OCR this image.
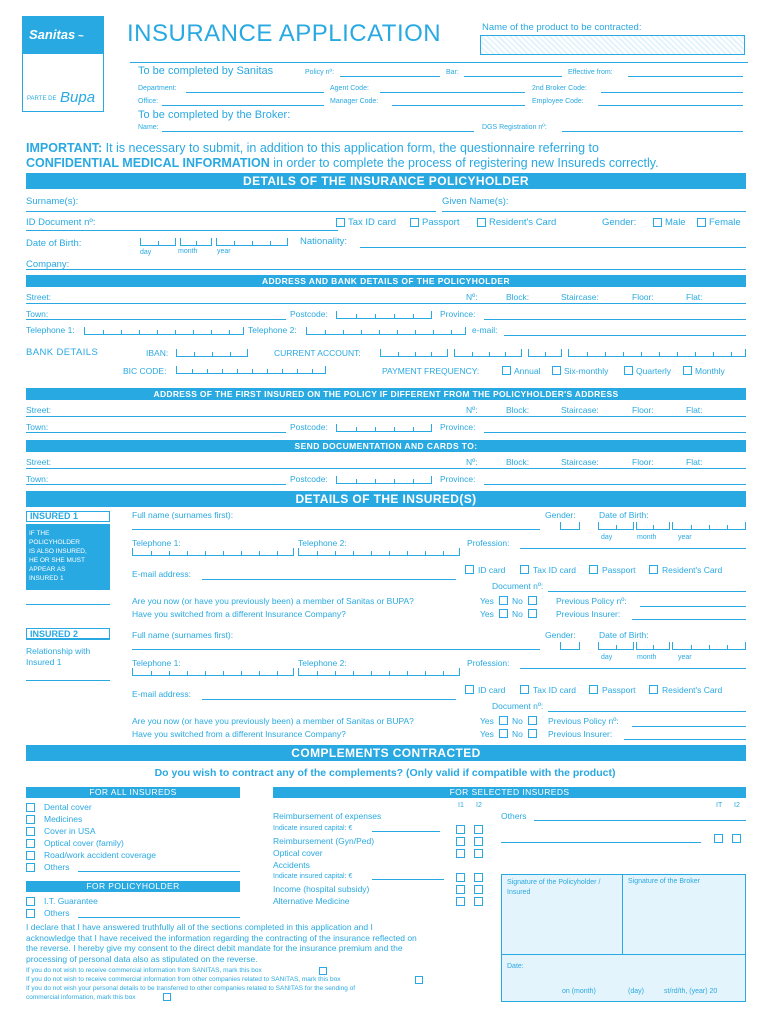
Sanitas ~
PARTE DE Bupa
INSURANCE APPLICATION	Name of the product to be contracted:
To be completed by Sanitas	Policy nº:	Bar:	Effective from:
Department:	Agent Code:	2nd Broker Code:
Office:	Manager Code:	Employee Code:
To be completed by the Broker:
Name:	DGS Registration nº:
IMPORTANT: It is necessary to submit, in addition to this application form, the questionnaire referring to
CONFIDENTIAL MEDICAL INFORMATION in order to complete the process of registering new Insureds correctly.
DETAILS OF THE INSURANCE POLICYHOLDER
Surname(s):	Given Name(s):
ID Document nº:	Tax ID card	Passport	Resident's Card	Gender:	Male Female
Date of Birth:
day	month	year
Nationality:
Company:
ADDRESS AND BANK DETAILS OF THE POLICYHOLDER
Street:	Nº:	Block:	Staircase:	Floor:	Flat:
Town:	Postcode:	Province:
Telephone 1:	Telephone 2:	e-mail:
BANK DETAILS	IBAN:	CURRENT ACCOUNT:
BIC CODE:	PAYMENT FREQUENCY:	Annual	Six-monthly	Quarterly	Monthly
ADDRESS OF THE FIRST INSURED ON THE POLICY IF DIFFERENT FROM THE POLICYHOLDER'S ADDRESS
Street:	Nº:	Block:	Staircase:	Floor:	Flat:
Town:	Postcode:	Province:
SEND DOCUMENTATION AND CARDS TO:
Street:	Nº:	Block:	Staircase:	Floor:	Flat:
Town:	Postcode:	Province:
DETAILS OF THE INSURED(S)
INSURED 1
IF THE
POLICYHOLDER
IS ALSO INSURED,
HE OR SHE MUST
APPEAR AS
INSURED 1
Full name (surnames first):	Gender:	Date of Birth:
day	month	year
Telephone 1:	Telephone 2:	Profession:
E-mail address:	ID card	Tax ID card	Passport	Resident's Card
Document nº:
Are you now (or have you previously been) a member of Sanitas or BUPA?	Yes No	Previous Policy nº:
Have you switched from a different Insurance Company?	Yes No	Previous Insurer:
INSURED 2
Relationship with
Insured 1
Full name (surnames first):	Gender:	Date of Birth:
day	month	year
Telephone 1:	Telephone 2:	Profession:
E-mail address:	ID card	Tax ID card	Passport	Resident's Card
Document nº:
Are you now (or have you previously been) a member of Sanitas or BUPA?	Yes No	Previous Policy nº:
Have you switched from a different Insurance Company?	Yes No	Previous Insurer:
COMPLEMENTS CONTRACTED
Do you wish to contract any of the complements? (Only valid if compatible with the product)
FOR ALL INSUREDS
Dental cover
Medicines
Cover in USA
Optical cover (family)
Road/work accident coverage
Others
FOR POLICYHOLDER
I.T. Guarantee
Others
FOR SELECTED INSUREDS
I1 I2	IT I2
Reimbursement of expenses
Indicate insured capital: €
Reimbursement (Gyn/Ped)
Optical cover
Accidents
Indicate insured capital: €
Income (hospital subsidy)
Alternative Medicine
Others
Signature of the Policyholder / Insured
Signature of the Broker
Date:
on (month)	(day)	st/rd/th, (year) 20
I declare that I have answered truthfully all of the sections completed in this application and I
acknowledge that I have received the information regarding the contracting of the insurance reflected on
the reverse. I hereby give my consent to the direct debit mandate for the insurance premium and the
processing of personal data also as stipulated on the reverse.
If you do not wish to receive commercial information from SANITAS, mark this box
If you do not wish to receive commercial information from other companies related to SANITAS, mark this box
If you do not wish your personal details to be transferred to other companies related to SANITAS for the sending of
commercial information, mark this box
